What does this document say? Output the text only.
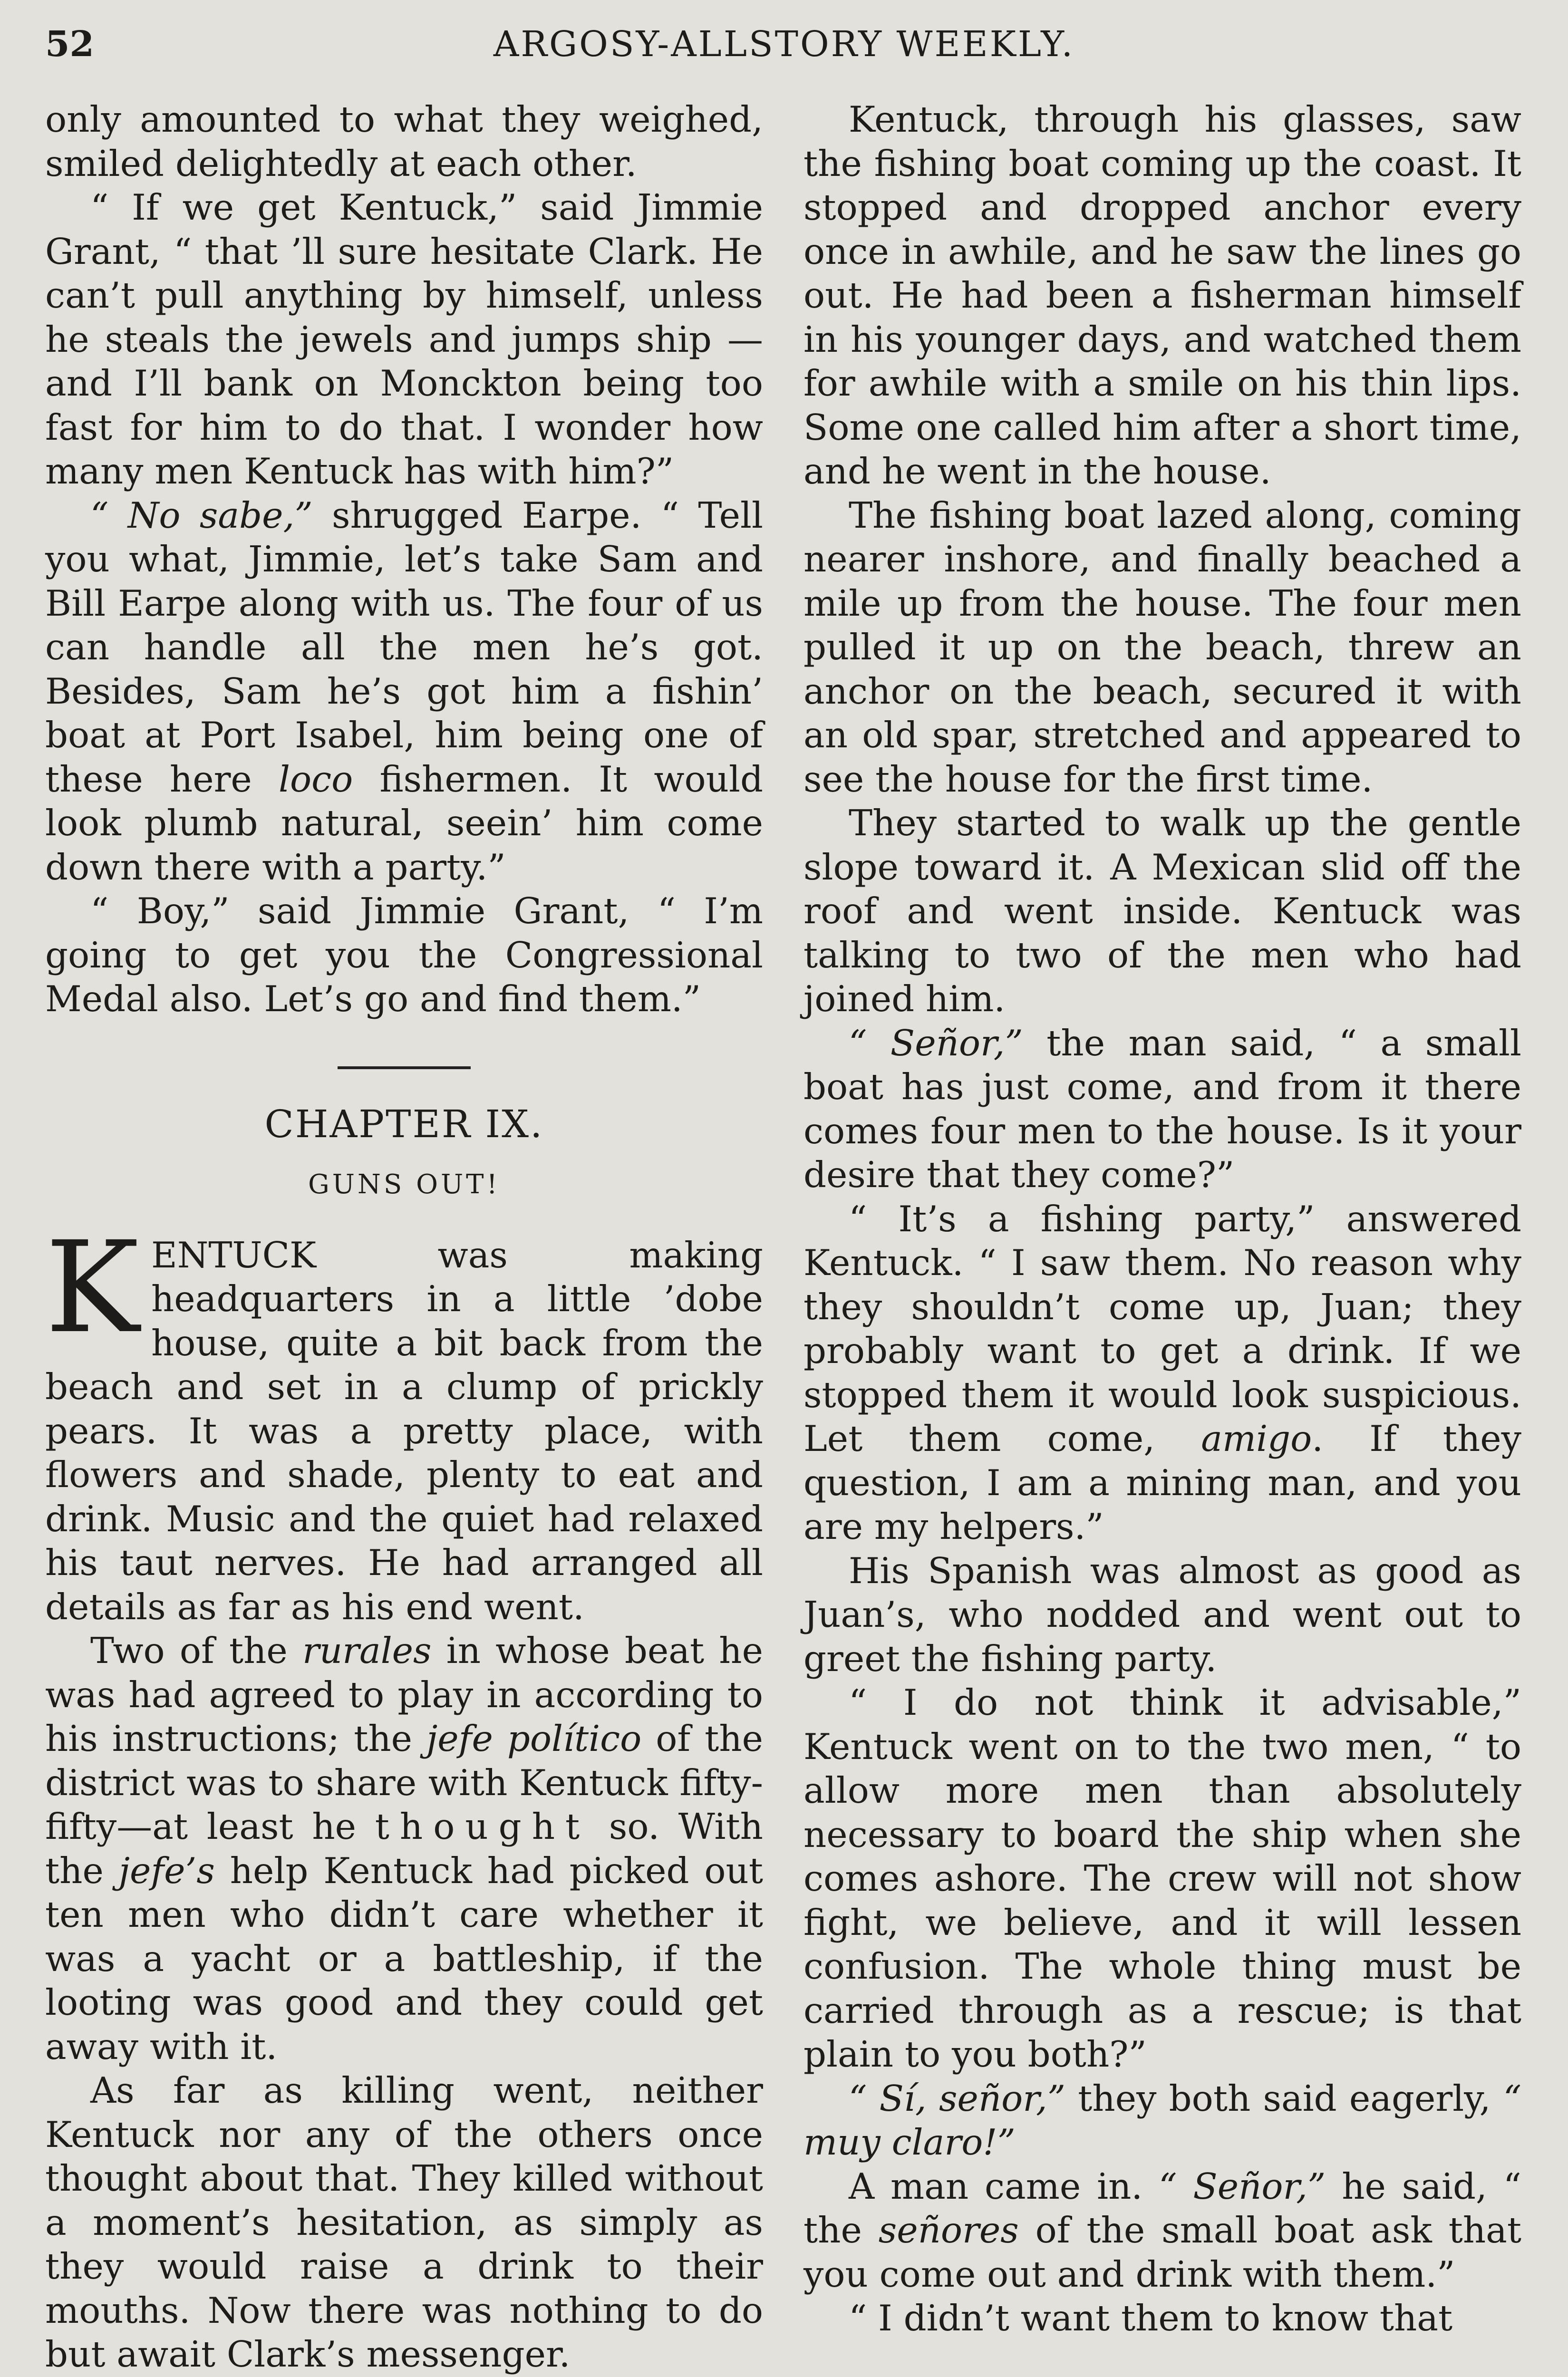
52	ARGOSY-ALLSTORY WEEKLY.

only amounted to what they weighed, smiled delightedly at each other.

“ If we get Kentuck,” said Jimmie Grant, “ that ’ll sure hesitate Clark. He can’t pull anything by himself, unless he steals the jewels and jumps ship —and I’ll bank on Monckton being too fast for him to do that. I wonder how many men Kentuck has with him?”

“ No sabe,” shrugged Earpe. “ Tell you what, Jimmie, let’s take Sam and Bill Earpe along with us. The four of us can handle all the men he’s got. Besides, Sam he’s got him a fishin’ boat at Port Isabel, him being one of these here loco fishermen. It would look plumb natural, seein’ him come down there with a party.”

“ Boy,” said Jimmie Grant, “ I’m going to get you the Congressional Medal also. Let’s go and find them.”

CHAPTER IX.
GUNS OUT!

KENTUCK was making headquarters in a little ’dobe house, quite a bit back from the beach and set in a clump of prickly pears. It was a pretty place, with flowers and shade, plenty to eat and drink. Music and the quiet had relaxed his taut nerves. He had arranged all details as far as his end went.

Two of the rurales in whose beat he was had agreed to play in according to his instructions; the jefe político of the district was to share with Kentuck fifty-fifty—at least he thought so. With the jefe’s help Kentuck had picked out ten men who didn’t care whether it was a yacht or a battleship, if the looting was good and they could get away with it.

As far as killing went, neither Kentuck nor any of the others once thought about that. They killed without a moment’s hesitation, as simply as they would raise a drink to their mouths. Now there was nothing to do but await Clark’s messenger.

Kentuck, through his glasses, saw the fishing boat coming up the coast. It stopped and dropped anchor every once in awhile, and he saw the lines go out. He had been a fisherman himself in his younger days, and watched them for awhile with a smile on his thin lips. Some one called him after a short time, and he went in the house.

The fishing boat lazed along, coming nearer inshore, and finally beached a mile up from the house. The four men pulled it up on the beach, threw an anchor on the beach, secured it with an old spar, stretched and appeared to see the house for the first time.

They started to walk up the gentle slope toward it. A Mexican slid off the roof and went inside. Kentuck was talking to two of the men who had joined him.

“ Señor,” the man said, “ a small boat has just come, and from it there comes four men to the house. Is it your desire that they come?”

“ It’s a fishing party,” answered Kentuck. “ I saw them. No reason why they shouldn’t come up, Juan; they probably want to get a drink. If we stopped them it would look suspicious. Let them come, amigo. If they question, I am a mining man, and you are my helpers.”

His Spanish was almost as good as Juan’s, who nodded and went out to greet the fishing party.

“ I do not think it advisable,” Kentuck went on to the two men, “ to allow more men than absolutely necessary to board the ship when she comes ashore. The crew will not show fight, we believe, and it will lessen confusion. The whole thing must be carried through as a rescue; is that plain to you both?”

“ Sí, señor,” they both said eagerly, “ muy claro!”

A man came in. “ Señor,” he said, “ the señores of the small boat ask that you come out and drink with them.”

“ I didn’t want them to know that
